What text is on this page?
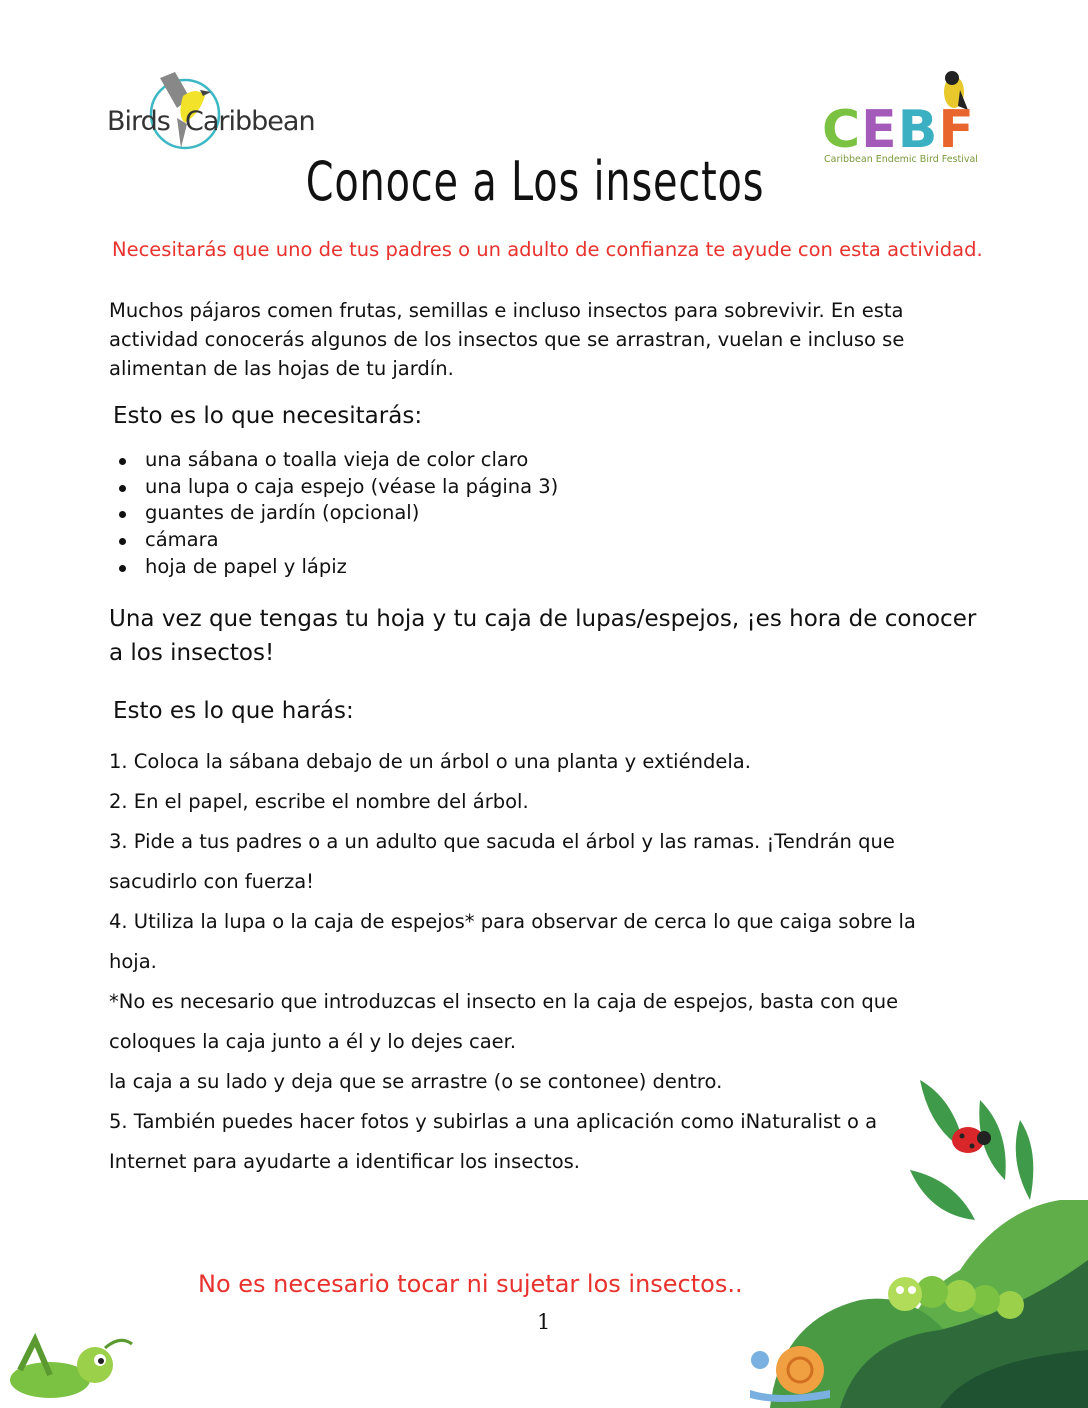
Birds  Caribbean	CEBF
Caribbean Endemic Bird Festival
Conoce a Los insectos
Necesitarás que uno de tus padres o un adulto de confianza te ayude con esta actividad.
Muchos pájaros comen frutas, semillas e incluso insectos para sobrevivir. En esta
actividad conocerás algunos de los insectos que se arrastran, vuelan e incluso se
alimentan de las hojas de tu jardín.
Esto es lo que necesitarás:
una sábana o toalla vieja de color claro
una lupa o caja espejo (véase la página 3)
guantes de jardín (opcional)
cámara
hoja de papel y lápiz
Una vez que tengas tu hoja y tu caja de lupas/espejos, ¡es hora de conocer
a los insectos!
Esto es lo que harás:
1. Coloca la sábana debajo de un árbol o una planta y extiéndela.
2. En el papel, escribe el nombre del árbol.
3. Pide a tus padres o a un adulto que sacuda el árbol y las ramas. ¡Tendrán que
sacudirlo con fuerza!
4. Utiliza la lupa o la caja de espejos* para observar de cerca lo que caiga sobre la
hoja.
*No es necesario que introduzcas el insecto en la caja de espejos, basta con que
coloques la caja junto a él y lo dejes caer.
la caja a su lado y deja que se arrastre (o se contonee) dentro.
5. También puedes hacer fotos y subirlas a una aplicación como iNaturalist o a
Internet para ayudarte a identificar los insectos.
No es necesario tocar ni sujetar los insectos..
1
